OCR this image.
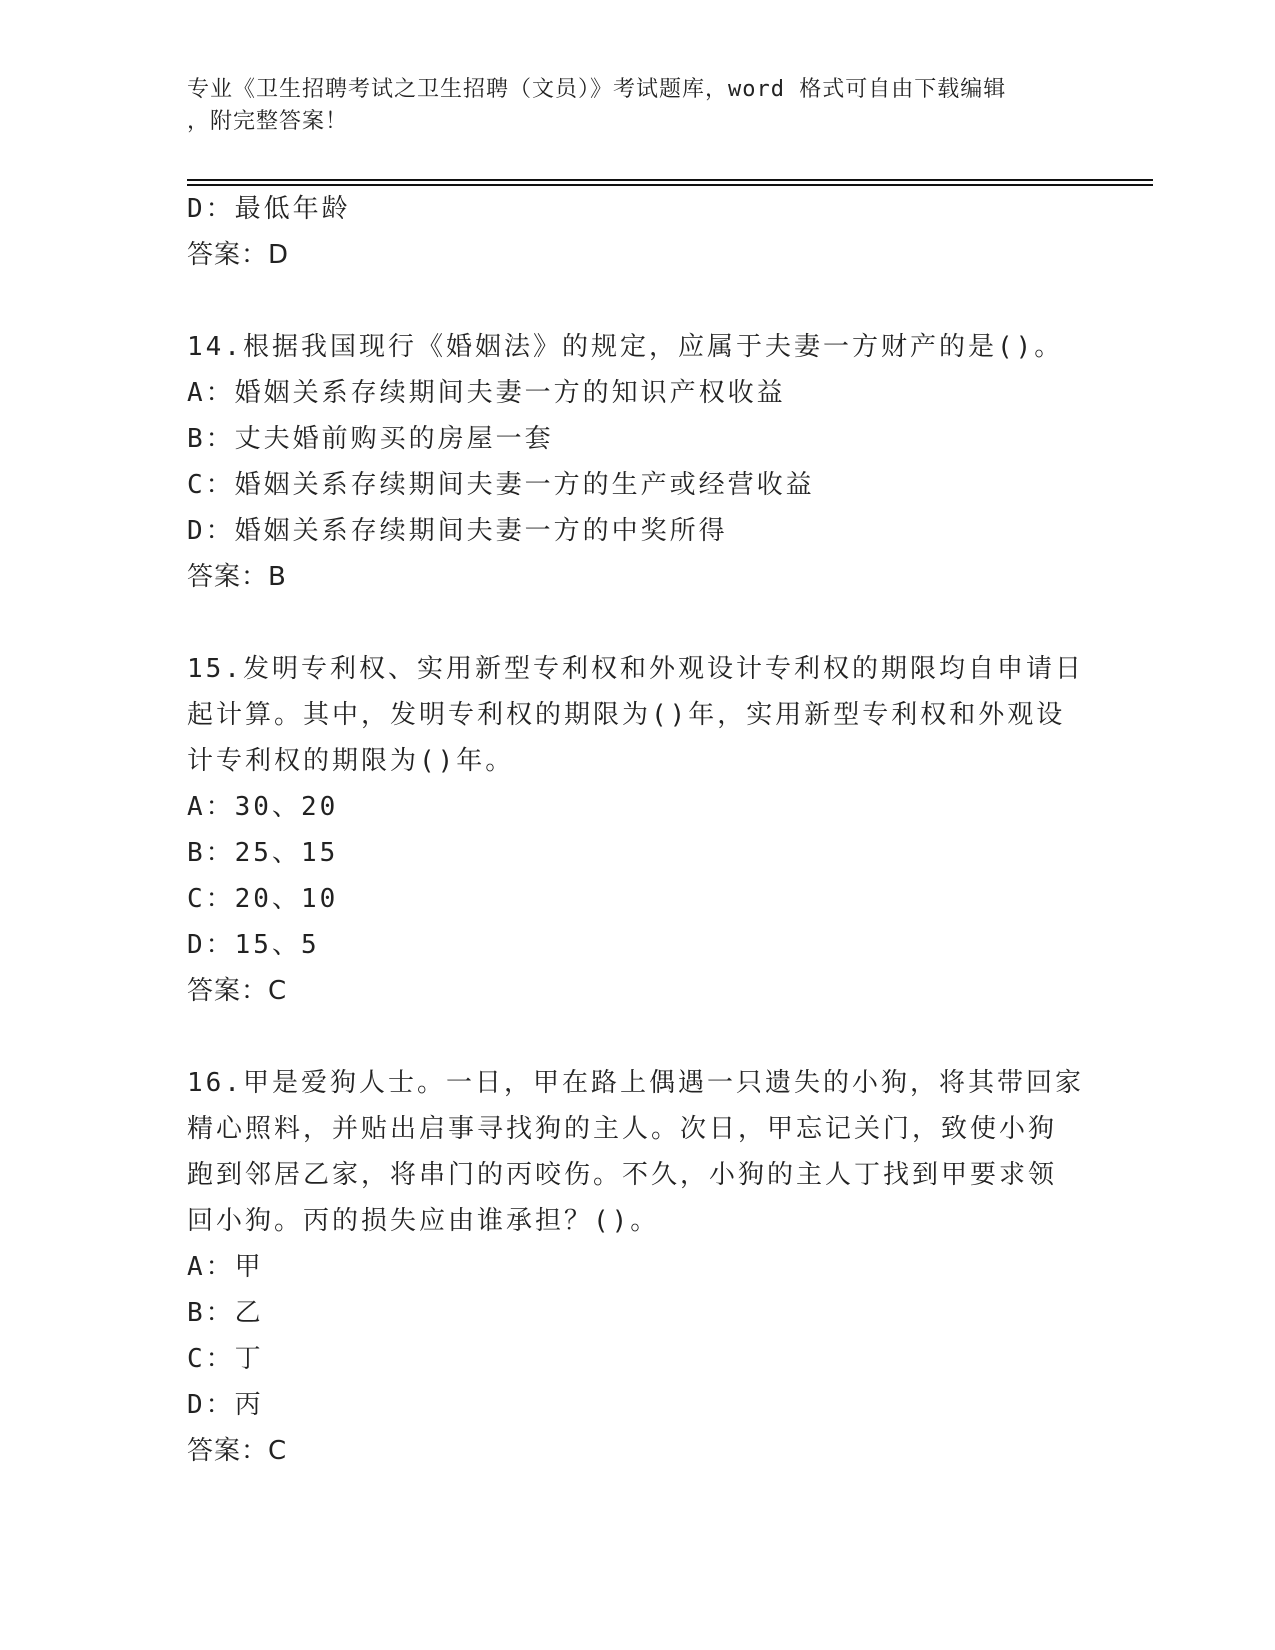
专业《卫生招聘考试之卫生招聘（文员）》考试题库，word 格式可自由下载编辑
，附完整答案！
D：最低年龄
答案：D
14.根据我国现行《婚姻法》的规定，应属于夫妻一方财产的是()。
A：婚姻关系存续期间夫妻一方的知识产权收益
B：丈夫婚前购买的房屋一套
C：婚姻关系存续期间夫妻一方的生产或经营收益
D：婚姻关系存续期间夫妻一方的中奖所得
答案：B
15.发明专利权、实用新型专利权和外观设计专利权的期限均自申请日
起计算。其中，发明专利权的期限为()年，实用新型专利权和外观设
计专利权的期限为()年。
A：30、20
B：25、15
C：20、10
D：15、5
答案：C
16.甲是爱狗人士。一日，甲在路上偶遇一只遗失的小狗，将其带回家
精心照料，并贴出启事寻找狗的主人。次日，甲忘记关门，致使小狗
跑到邻居乙家，将串门的丙咬伤。不久，小狗的主人丁找到甲要求领
回小狗。丙的损失应由谁承担？()。
A：甲
B：乙
C：丁
D：丙
答案：C
